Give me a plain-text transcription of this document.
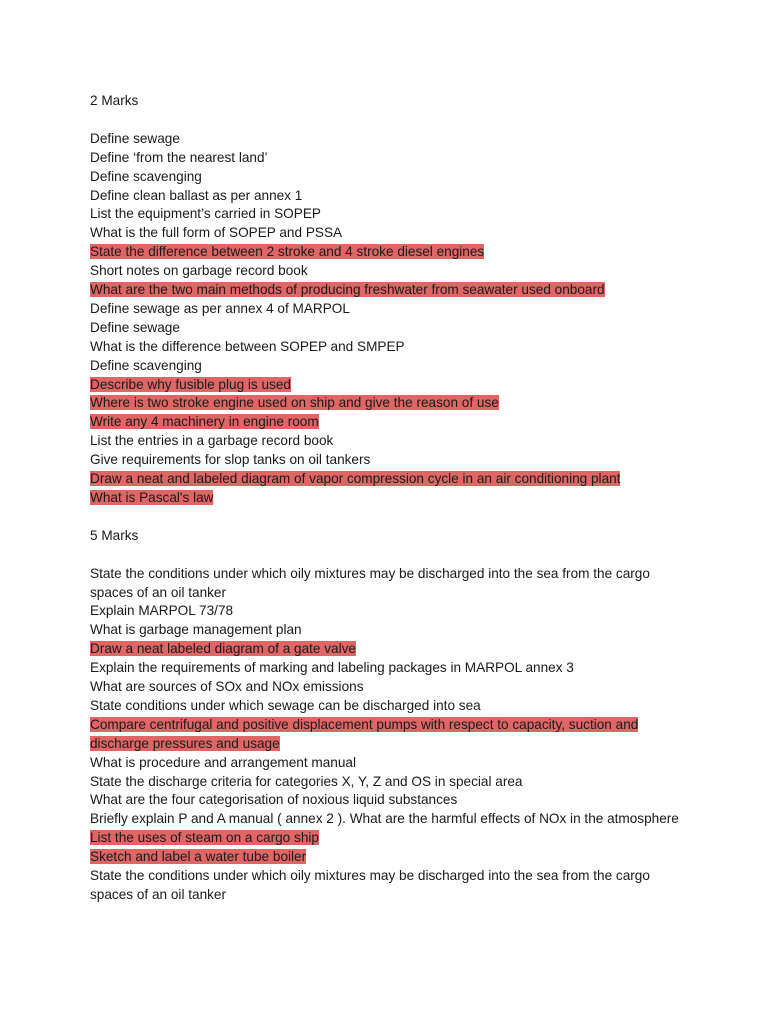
2 Marks

Define sewage

Define ‘from the nearest land’

Define scavenging

Define clean ballast as per annex 1

List the equipment’s carried in SOPEP

What is the full form of SOPEP and PSSA

State the difference between 2 stroke and 4 stroke diesel engines

Short notes on garbage record book

What are the two main methods of producing freshwater from seawater used onboard

Define sewage as per annex 4 of MARPOL

Define sewage

What is the difference between SOPEP and SMPEP

Define scavenging

Describe why fusible plug is used

Where is two stroke engine used on ship and give the reason of use

Write any 4 machinery in engine room

List the entries in a garbage record book

Give requirements for slop tanks on oil tankers

Draw a neat and labeled diagram of vapor compression cycle in an air conditioning plant

What is Pascal's law

5 Marks

State the conditions under which oily mixtures may be discharged into the sea from the cargo spaces of an oil tanker

Explain MARPOL 73/78

What is garbage management plan

Draw a neat labeled diagram of a gate valve

Explain the requirements of marking and labeling packages in MARPOL annex 3

What are sources of SOx and NOx emissions

State conditions under which sewage can be discharged into sea

Compare centrifugal and positive displacement pumps with respect to capacity, suction and discharge pressures and usage

What is procedure and arrangement manual

State the discharge criteria for categories X, Y, Z and OS in special area

What are the four categorisation of noxious liquid substances

Briefly explain P and A manual ( annex 2 ). What are the harmful effects of NOx in the atmosphere

List the uses of steam on a cargo ship

Sketch and label a water tube boiler

State the conditions under which oily mixtures may be discharged into the sea from the cargo spaces of an oil tanker
